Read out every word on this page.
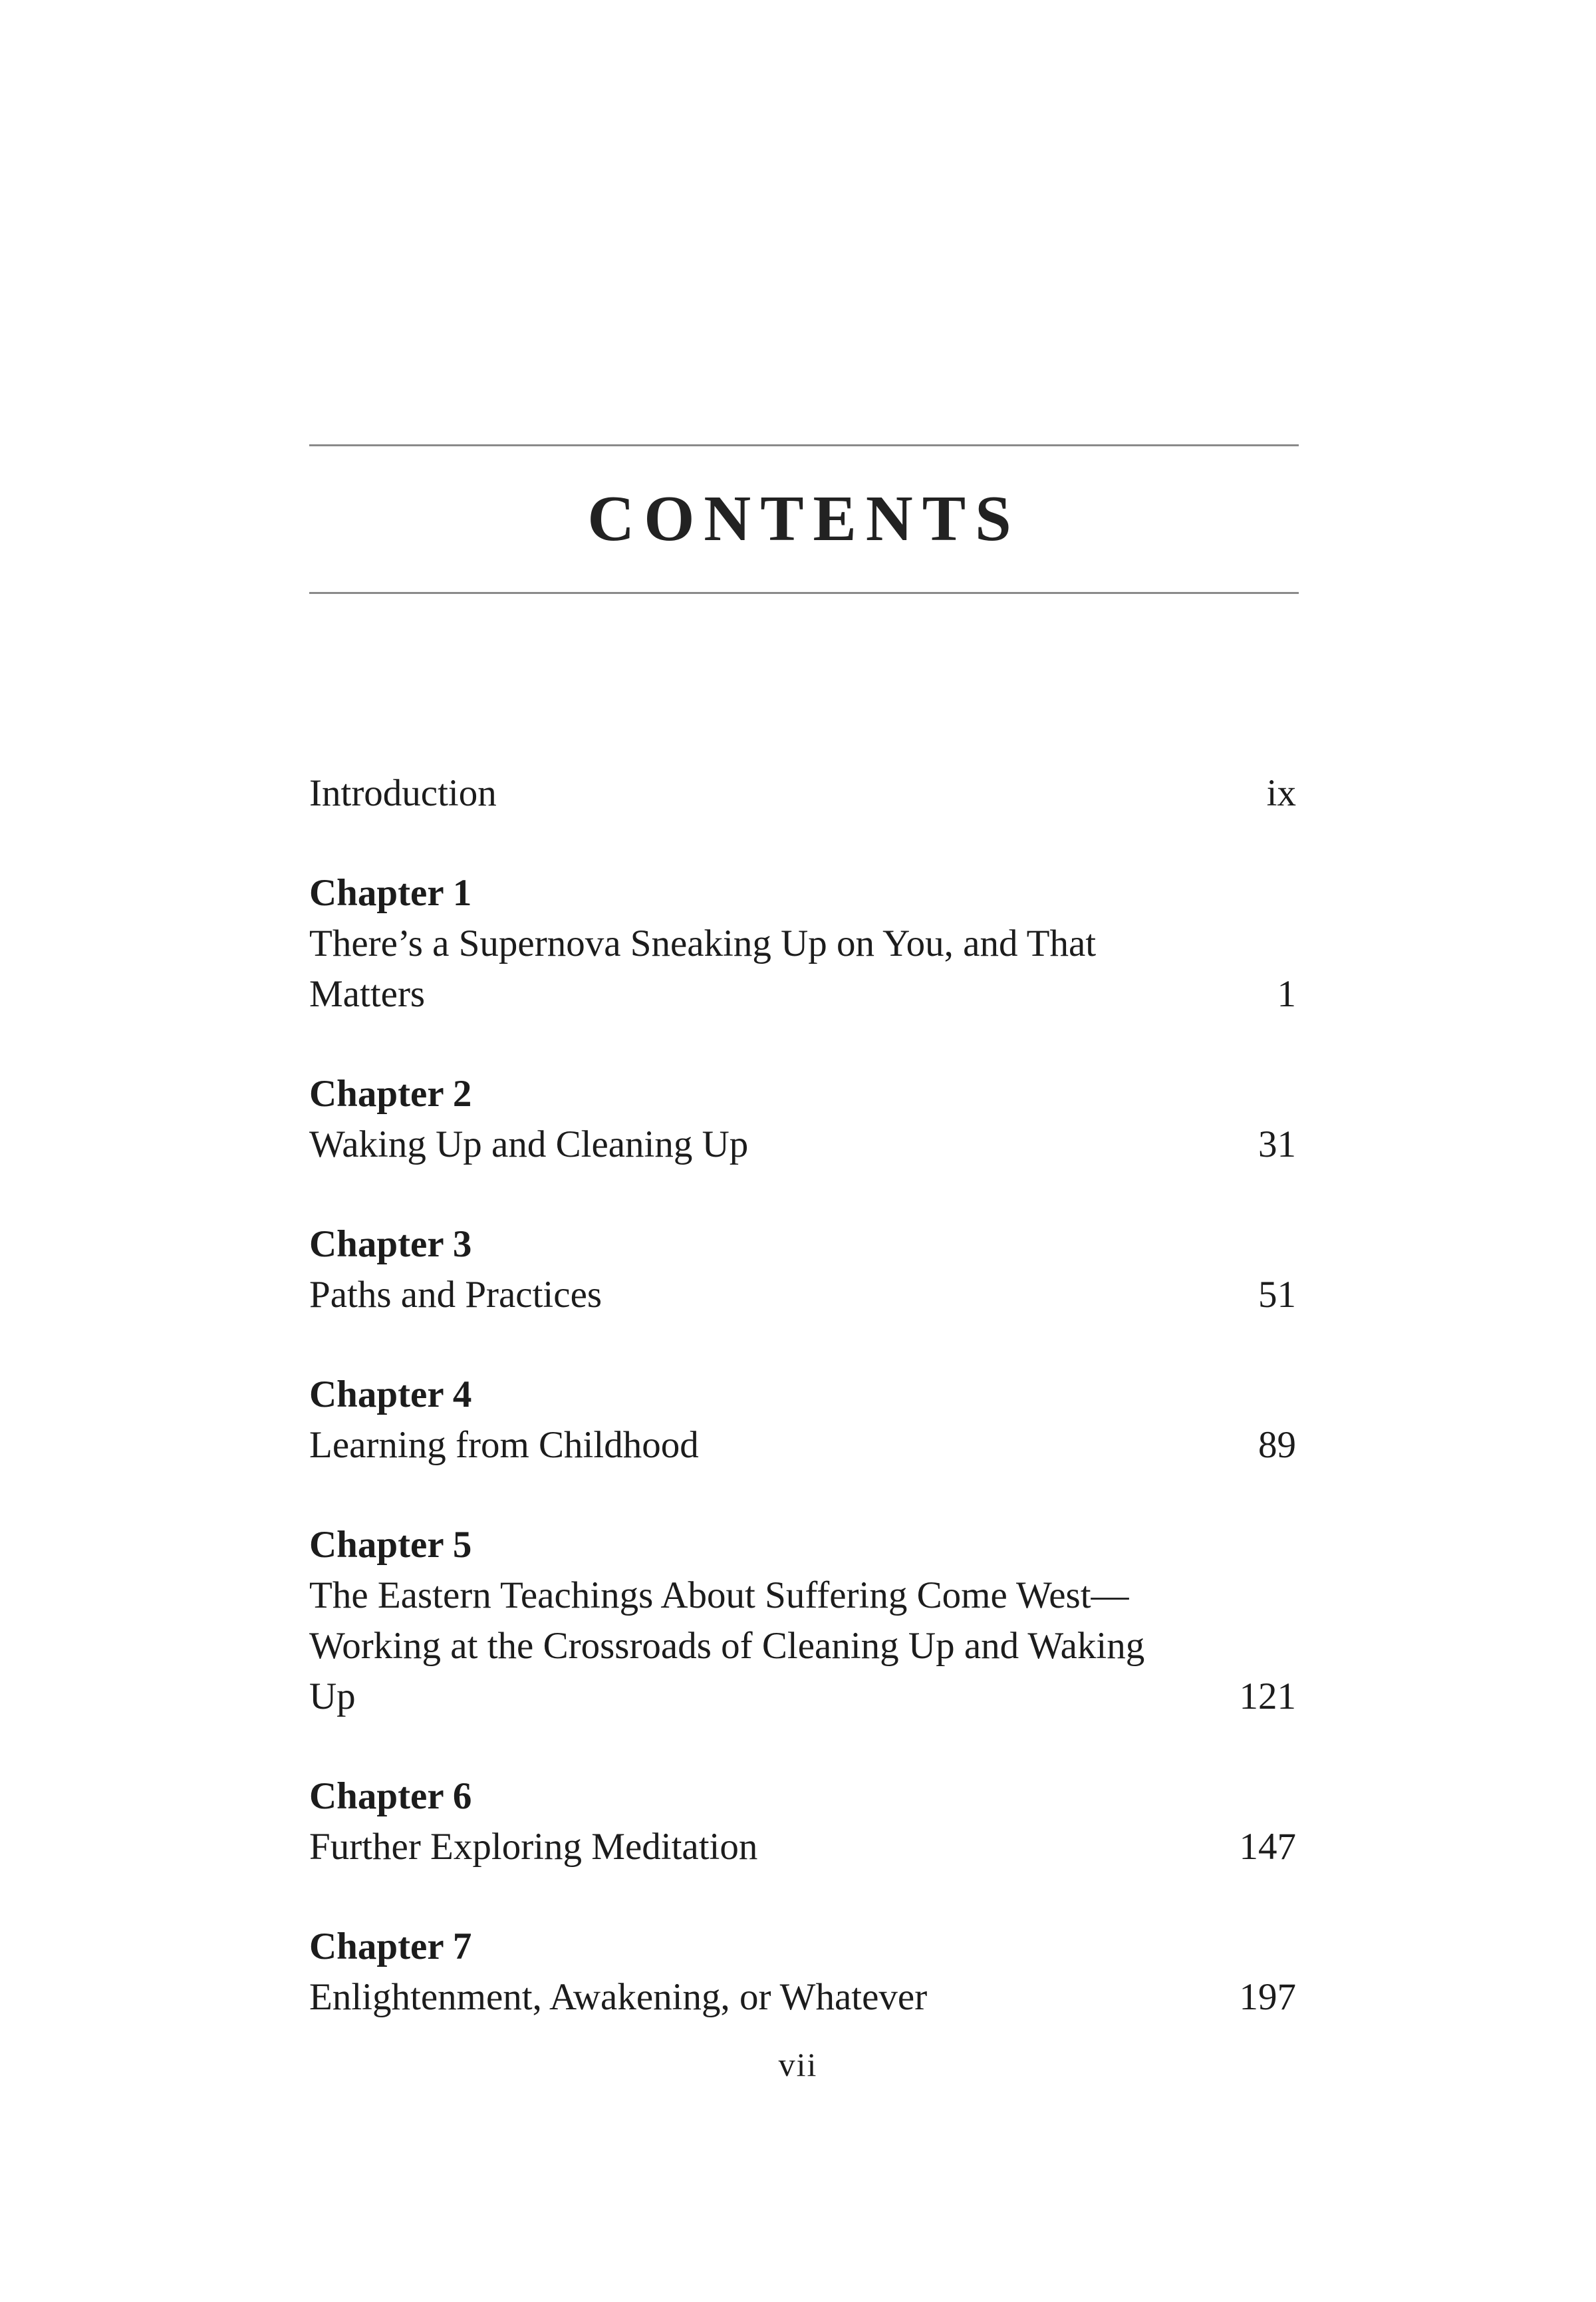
CONTENTS
Introduction	ix
Chapter 1
There’s a Supernova Sneaking Up on You, and That Matters	1
Chapter 2
Waking Up and Cleaning Up	31
Chapter 3
Paths and Practices	51
Chapter 4
Learning from Childhood	89
Chapter 5
The Eastern Teachings About Suffering Come West—
Working at the Crossroads of Cleaning Up and Waking Up	121
Chapter 6
Further Exploring Meditation	147
Chapter 7
Enlightenment, Awakening, or Whatever	197
vii
